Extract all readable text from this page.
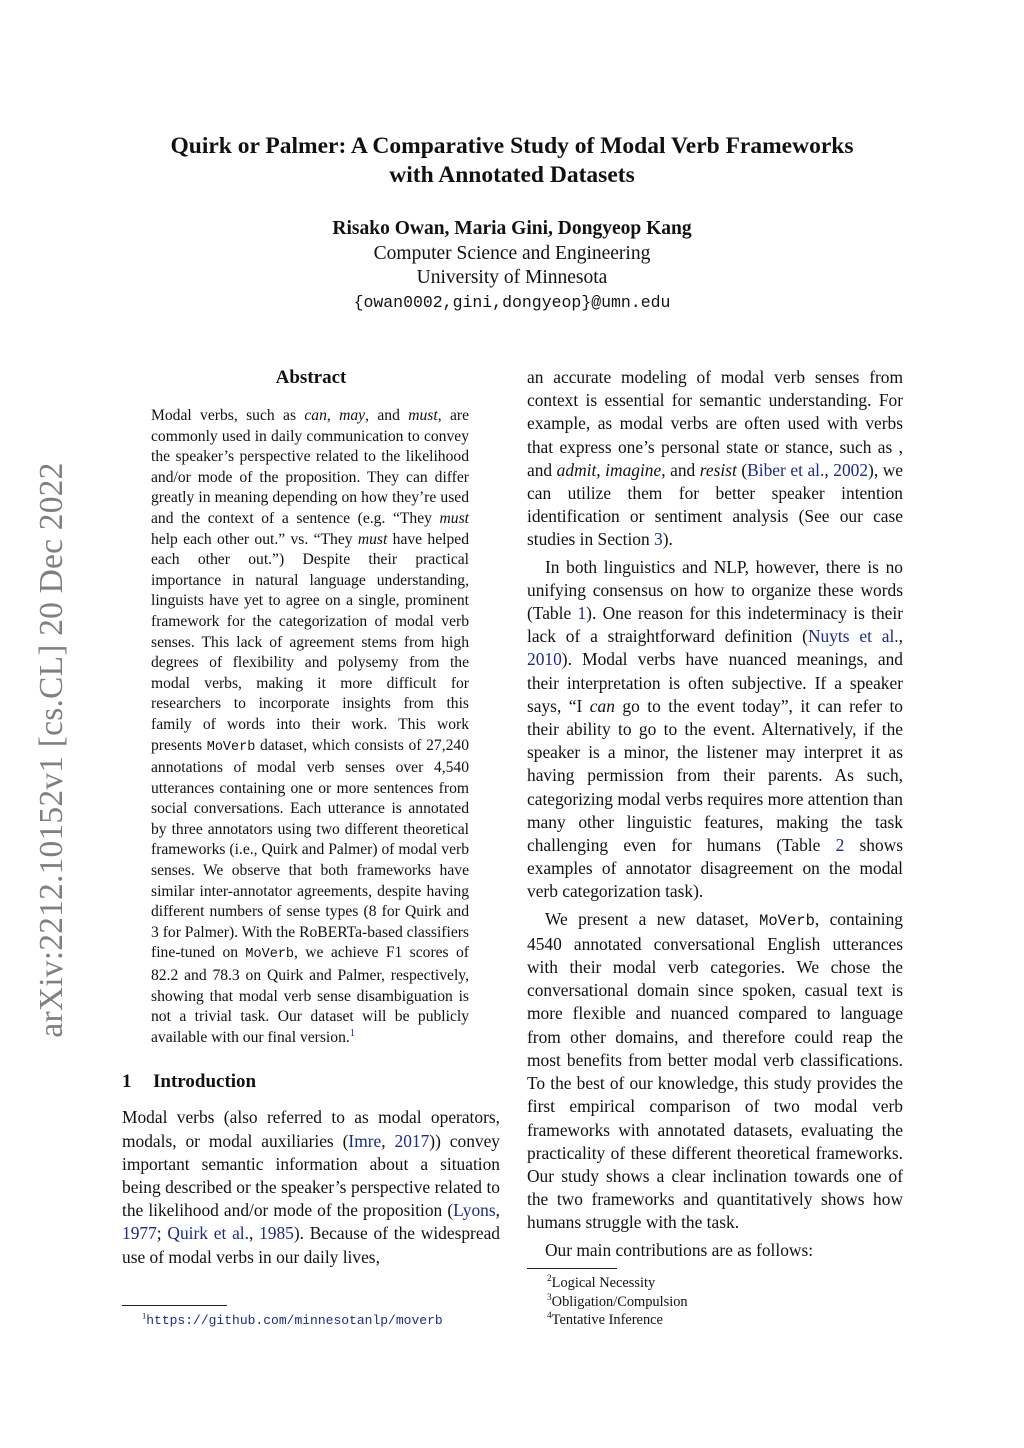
arXiv:2212.10152v1 [cs.CL] 20 Dec 2022
Quirk or Palmer: A Comparative Study of Modal Verb Frameworks
with Annotated Datasets
Risako Owan, Maria Gini, Dongyeop Kang
Computer Science and Engineering
University of Minnesota
{owan0002,gini,dongyeop}@umn.edu
Abstract
Modal verbs, such as can, may, and must, are commonly used in daily communication to convey the speaker’s perspective related to the likelihood and/or mode of the proposition. They can differ greatly in meaning depending on how they’re used and the context of a sentence (e.g. “They must help each other out.” vs. “They must have helped each other out.”) Despite their practical importance in natural language understanding, linguists have yet to agree on a single, prominent framework for the categorization of modal verb senses. This lack of agreement stems from high degrees of flexibility and polysemy from the modal verbs, making it more difficult for researchers to incorporate insights from this family of words into their work. This work presents MoVerb dataset, which consists of 27,240 annotations of modal verb senses over 4,540 utterances containing one or more sentences from social conversations. Each utterance is annotated by three annotators using two different theoretical frameworks (i.e., Quirk and Palmer) of modal verb senses. We observe that both frameworks have similar inter-annotator agreements, despite having different numbers of sense types (8 for Quirk and 3 for Palmer). With the RoBERTa-based classifiers fine-tuned on MoVerb, we achieve F1 scores of 82.2 and 78.3 on Quirk and Palmer, respectively, showing that modal verb sense disambiguation is not a trivial task. Our dataset will be publicly available with our final version.$^1$
1 Introduction

Modal verbs (also referred to as modal operators, modals, or modal auxiliaries (Imre, 2017)) convey important semantic information about a situation being described or the speaker’s perspective related to the likelihood and/or mode of the proposition (Lyons, 1977; Quirk et al., 1985). Because of the widespread use of modal verbs in our daily lives,

an accurate modeling of modal verb senses from context is essential for semantic understanding. For example, as modal verbs are often used with verbs that express one’s personal state or stance, such as , and admit, imagine, and resist (Biber et al., 2002), we can utilize them for better speaker intention identification or sentiment analysis (See our case studies in Section 3).

In both linguistics and NLP, however, there is no unifying consensus on how to organize these words (Table 1). One reason for this indeterminacy is their lack of a straightforward definition (Nuyts et al., 2010). Modal verbs have nuanced meanings, and their interpretation is often subjective. If a speaker says, “I can go to the event today”, it can refer to their ability to go to the event. Alternatively, if the speaker is a minor, the listener may interpret it as having permission from their parents. As such, categorizing modal verbs requires more attention than many other linguistic features, making the task challenging even for humans (Table 2 shows examples of annotator disagreement on the modal verb categorization task).

We present a new dataset, MoVerb, containing 4540 annotated conversational English utterances with their modal verb categories. We chose the conversational domain since spoken, casual text is more flexible and nuanced compared to language from other domains, and therefore could reap the most benefits from better modal verb classifications. To the best of our knowledge, this study provides the first empirical comparison of two modal verb frameworks with annotated datasets, evaluating the practicality of these different theoretical frameworks. Our study shows a clear inclination towards one of the two frameworks and quantitatively shows how humans struggle with the task.

Our main contributions are as follows:

$^1$https://github.com/minnesotanlp/moverb
$^2$Logical Necessity
$^3$Obligation/Compulsion
$^4$Tentative Inference
